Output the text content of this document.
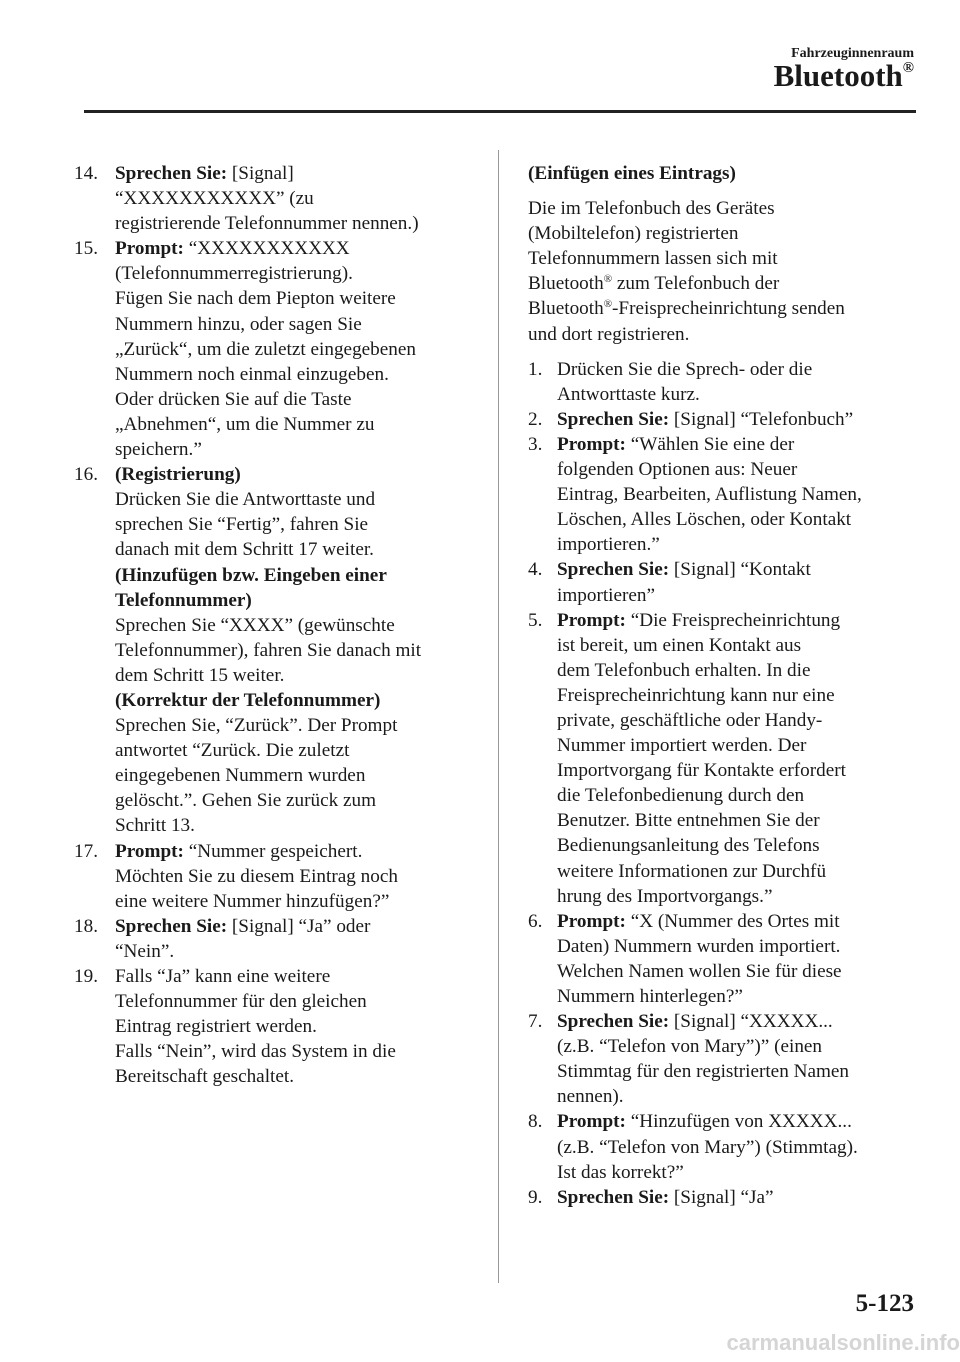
Fahrzeuginnenraum
Bluetooth®
14. Sprechen Sie: [Signal]
“XXXXXXXXXXX” (zu
registrierende Telefonnummer nennen.)
15. Prompt: “XXXXXXXXXXX
(Telefonnummerregistrierung).
Fügen Sie nach dem Piepton weitere
Nummern hinzu, oder sagen Sie
„Zurück“, um die zuletzt eingegebenen
Nummern noch einmal einzugeben.
Oder drücken Sie auf die Taste
„Abnehmen“, um die Nummer zu
speichern.”
16. (Registrierung)
Drücken Sie die Antworttaste und
sprechen Sie “Fertig”, fahren Sie
danach mit dem Schritt 17 weiter.
(Hinzufügen bzw. Eingeben einer
Telefonnummer)
Sprechen Sie “XXXX” (gewünschte
Telefonnummer), fahren Sie danach mit
dem Schritt 15 weiter.
(Korrektur der Telefonnummer)
Sprechen Sie, “Zurück”. Der Prompt
antwortet “Zurück. Die zuletzt
eingegebenen Nummern wurden
gelöscht.”. Gehen Sie zurück zum
Schritt 13.
17. Prompt: “Nummer gespeichert.
Möchten Sie zu diesem Eintrag noch
eine weitere Nummer hinzufügen?”
18. Sprechen Sie: [Signal] “Ja” oder
“Nein”.
19. Falls “Ja” kann eine weitere
Telefonnummer für den gleichen
Eintrag registriert werden.
Falls “Nein”, wird das System in die
Bereitschaft geschaltet.

(Einfügen eines Eintrags)

Die im Telefonbuch des Gerätes
(Mobiltelefon) registrierten
Telefonnummern lassen sich mit
Bluetooth® zum Telefonbuch der
Bluetooth®-Freisprecheinrichtung senden
und dort registrieren.

1. Drücken Sie die Sprech- oder die
Antworttaste kurz.
2. Sprechen Sie: [Signal] “Telefonbuch”
3. Prompt: “Wählen Sie eine der
folgenden Optionen aus: Neuer
Eintrag, Bearbeiten, Auflistung Namen,
Löschen, Alles Löschen, oder Kontakt
importieren.”
4. Sprechen Sie: [Signal] “Kontakt
importieren”
5. Prompt: “Die Freisprecheinrichtung
ist bereit, um einen Kontakt aus
dem Telefonbuch erhalten. In die
Freisprecheinrichtung kann nur eine
private, geschäftliche oder Handy-
Nummer importiert werden. Der
Importvorgang für Kontakte erfordert
die Telefonbedienung durch den
Benutzer. Bitte entnehmen Sie der
Bedienungsanleitung des Telefons
weitere Informationen zur Durchfü
hrung des Importvorgangs.”
6. Prompt: “X (Nummer des Ortes mit
Daten) Nummern wurden importiert.
Welchen Namen wollen Sie für diese
Nummern hinterlegen?”
7. Sprechen Sie: [Signal] “XXXXX...
(z.B. “Telefon von Mary”)” (einen
Stimmtag für den registrierten Namen
nennen).
8. Prompt: “Hinzufügen von XXXXX...
(z.B. “Telefon von Mary”) (Stimmtag).
Ist das korrekt?”
9. Sprechen Sie: [Signal] “Ja”
5-123
carmanualsonline.info
